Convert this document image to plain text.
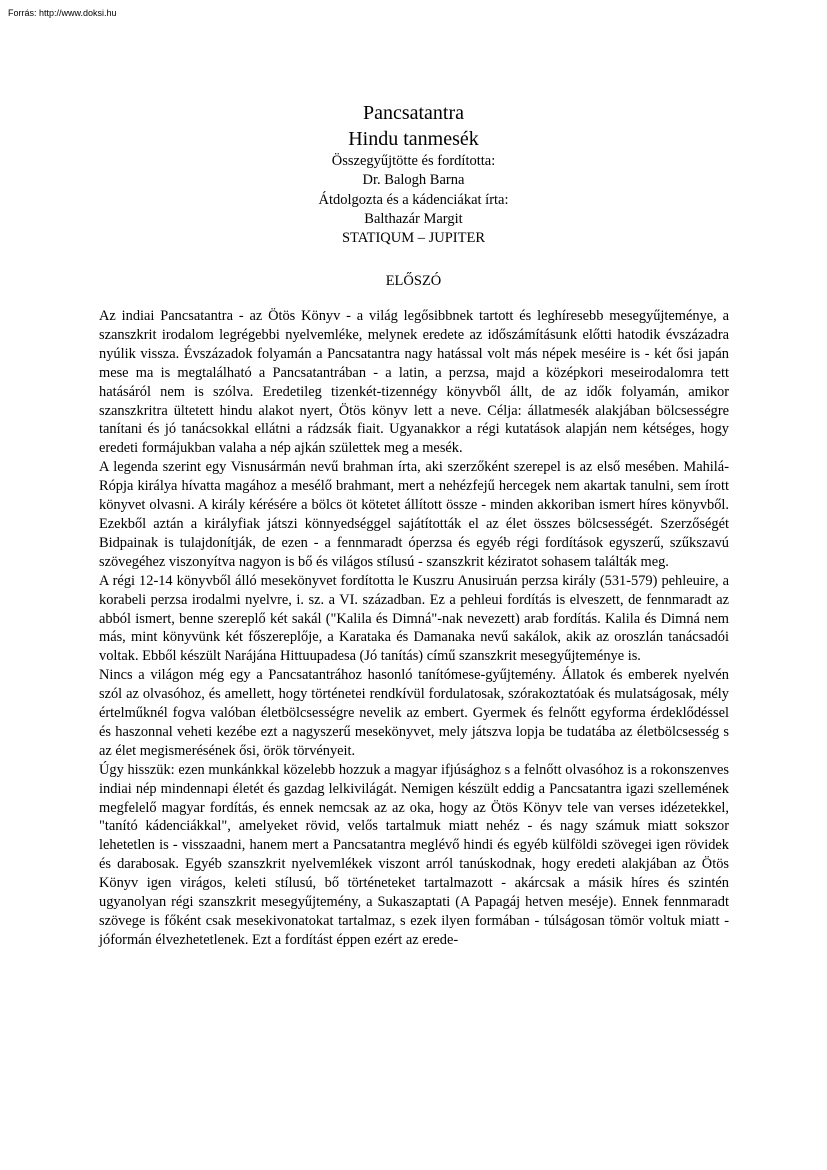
Forrás: http://www.doksi.hu
Pancsatantra
Hindu tanmesék
Összegyűjtötte és fordította:
Dr. Balogh Barna
Átdolgozta és a kádenciákat írta:
Balthazár Margit
STATIQUM – JUPITER
ELŐSZÓ

Az indiai Pancsatantra - az Ötös Könyv - a világ legősibbnek tartott és leghíresebb mesegyűjteménye, a szanszkrit irodalom legrégebbi nyelvemléke, melynek eredete az időszámításunk előtti hatodik évszázadra nyúlik vissza. Évszázadok folyamán a Pancsatantra nagy hatással volt más népek meséire is - két ősi japán mese ma is megtalálható a Pancsatantrában - a latin, a perzsa, majd a középkori meseirodalomra tett hatásáról nem is szólva. Eredetileg tizenkét-tizennégy könyvből állt, de az idők folyamán, amikor szanszkritra ültetett hindu alakot nyert, Ötös könyv lett a neve. Célja: állatmesék alakjában bölcsességre tanítani és jó tanácsokkal ellátni a rádzsák fiait. Ugyanakkor a régi kutatások alapján nem kétséges, hogy eredeti formájukban valaha a nép ajkán születtek meg a mesék.

A legenda szerint egy Visnusármán nevű brahman írta, aki szerzőként szerepel is az első mesében. Mahilá-Rópja királya hívatta magához a mesélő brahmant, mert a nehézfejű hercegek nem akartak tanulni, sem írott könyvet olvasni. A király kérésére a bölcs öt kötetet állított össze - minden akkoriban ismert híres könyvből. Ezekből aztán a királyfiak játszi könnyedséggel sajátították el az élet összes bölcsességét. Szerzőségét Bidpainak is tulajdonítják, de ezen - a fennmaradt óperzsa és egyéb régi fordítások egyszerű, szűkszavú szövegéhez viszonyítva nagyon is bő és világos stílusú - szanszkrit kéziratot sohasem találták meg.

A régi 12-14 könyvből álló mesekönyvet fordította le Kuszru Anusiruán perzsa király (531-579) pehleuire, a korabeli perzsa irodalmi nyelvre, i. sz. a VI. században. Ez a pehleui fordítás is elveszett, de fennmaradt az abból ismert, benne szereplő két sakál ("Kalila és Dimná"-nak nevezett) arab fordítás. Kalila és Dimná nem más, mint könyvünk két főszereplője, a Karataka és Damanaka nevű sakálok, akik az oroszlán tanácsadói voltak. Ebből készült Narájána Hittuupadesa (Jó tanítás) című szanszkrit mesegyűjteménye is.

Nincs a világon még egy a Pancsatantrához hasonló tanítómese-gyűjtemény. Állatok és emberek nyelvén szól az olvasóhoz, és amellett, hogy történetei rendkívül fordulatosak, szórakoztatóak és mulatságosak, mély értelműknél fogva valóban életbölcsességre nevelik az embert. Gyermek és felnőtt egyforma érdeklődéssel és haszonnal veheti kezébe ezt a nagyszerű mesekönyvet, mely játszva lopja be tudatába az életbölcsesség s az élet megismerésének ősi, örök törvényeit.

Úgy hisszük: ezen munkánkkal közelebb hozzuk a magyar ifjúsághoz s a felnőtt olvasóhoz is a rokonszenves indiai nép mindennapi életét és gazdag lelkivilágát. Nemigen készült eddig a Pancsatantra igazi szellemének megfelelő magyar fordítás, és ennek nemcsak az az oka, hogy az Ötös Könyv tele van verses idézetekkel, "tanító kádenciákkal", amelyeket rövid, velős tartalmuk miatt nehéz - és nagy számuk miatt sokszor lehetetlen is - visszaadni, hanem mert a Pancsatantra meglévő hindi és egyéb külföldi szövegei igen rövidek és darabosak. Egyéb szanszkrit nyelvemlékek viszont arról tanúskodnak, hogy eredeti alakjában az Ötös Könyv igen virágos, keleti stílusú, bő történeteket tartalmazott - akárcsak a másik híres és szintén ugyanolyan régi szanszkrit mesegyűjtemény, a Sukaszaptati (A Papagáj hetven meséje). Ennek fennmaradt szövege is főként csak mesekivonatokat tartalmaz, s ezek ilyen formában - túlságosan tömör voltuk miatt - jóformán élvezhetetlenek. Ezt a fordítást éppen ezért az erede-
